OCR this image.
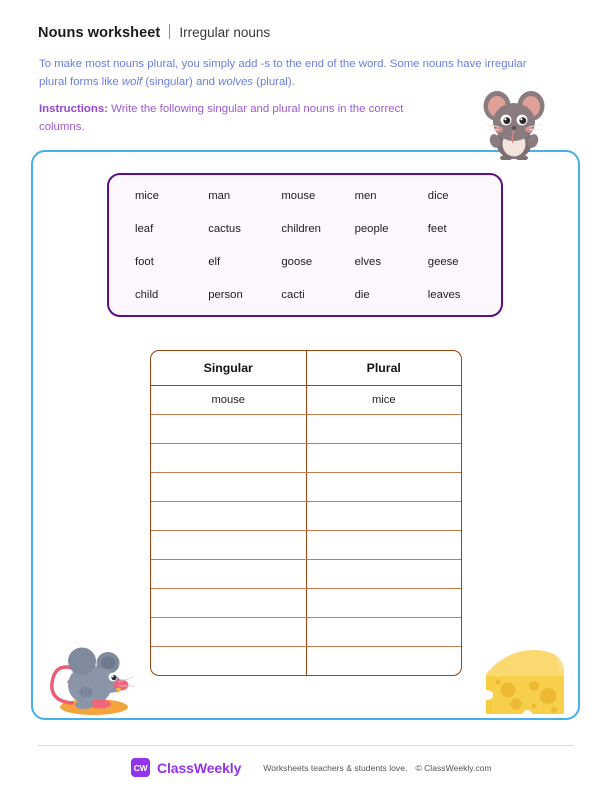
Nouns worksheet Irregular nouns

To make most nouns plural, you simply add -s to the end of the word. Some nouns have irregular plural forms like wolf (singular) and wolves (plural).

Instructions: Write the following singular and plural nouns in the correct columns.

mice	man	mouse	men	dice
leaf	cactus	children	people	feet
foot	elf	goose	elves	geese
child	person	cacti	die	leaves
Singular	Plural
mouse	mice

CW ClassWeekly	Worksheets teachers & students love. © ClassWeekly.com
